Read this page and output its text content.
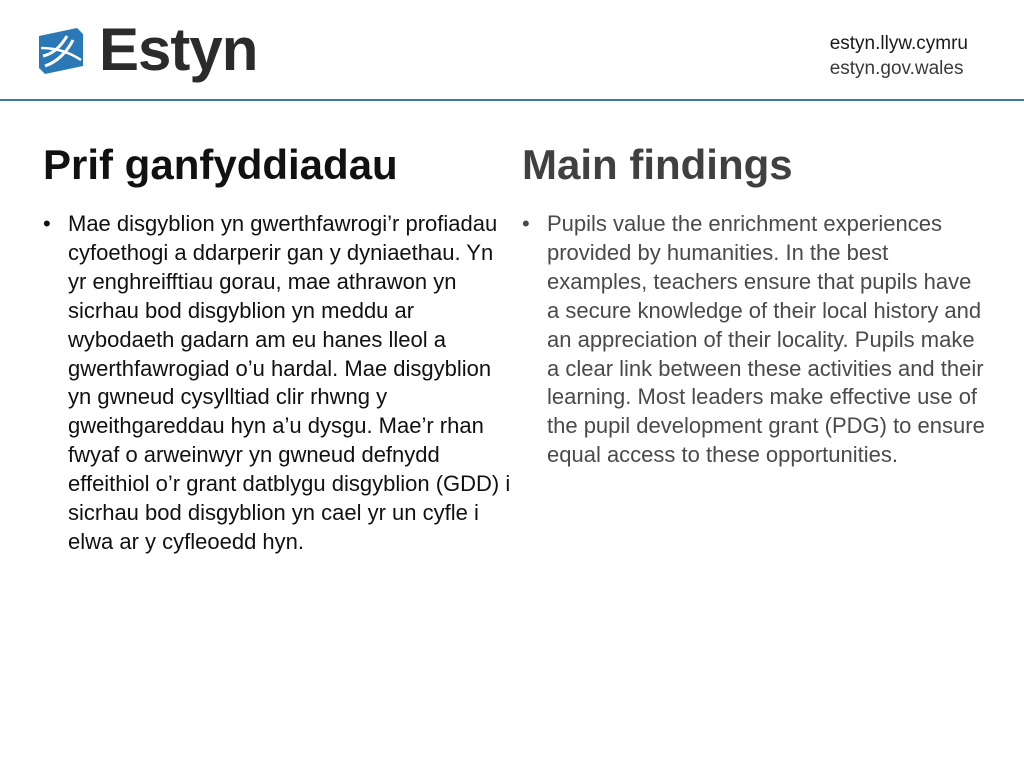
Estyn	estyn.llyw.cymru
estyn.gov.wales
Prif ganfyddiadau
• Mae disgyblion yn gwerthfawrogi’r profiadau cyfoethogi a ddarperir gan y dyniaethau. Yn yr enghreifftiau gorau, mae athrawon yn sicrhau bod disgyblion yn meddu ar wybodaeth gadarn am eu hanes lleol a gwerthfawrogiad o’u hardal. Mae disgyblion yn gwneud cysylltiad clir rhwng y gweithgareddau hyn a’u dysgu. Mae’r rhan fwyaf o arweinwyr yn gwneud defnydd effeithiol o’r grant datblygu disgyblion (GDD) i sicrhau bod disgyblion yn cael yr un cyfle i elwa ar y cyfleoedd hyn.
Main findings
• Pupils value the enrichment experiences provided by humanities. In the best examples, teachers ensure that pupils have a secure knowledge of their local history and an appreciation of their locality. Pupils make a clear link between these activities and their learning. Most leaders make effective use of the pupil development grant (PDG) to ensure equal access to these opportunities.
